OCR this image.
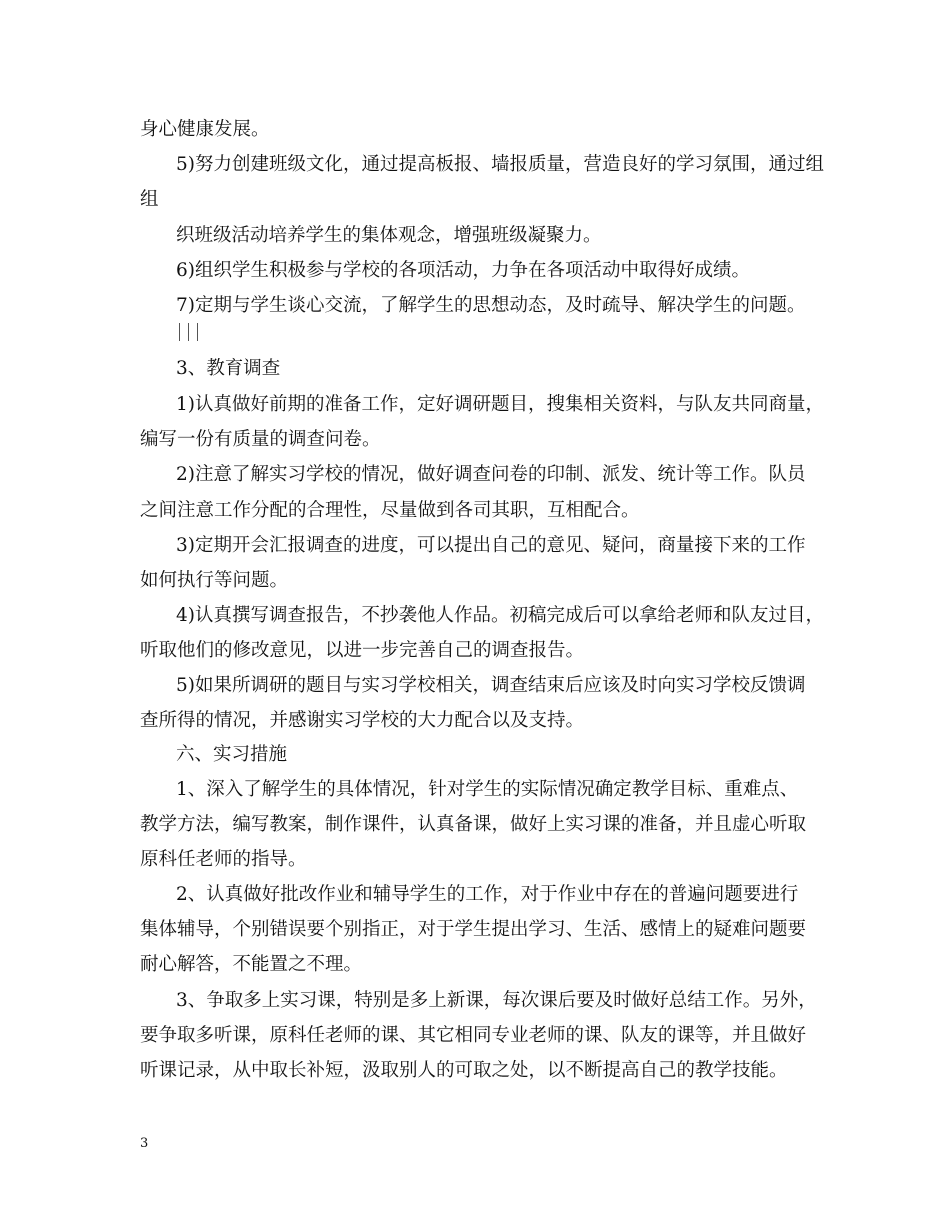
身心健康发展。
5)努力创建班级文化，通过提高板报、墙报质量，营造良好的学习氛围，通过组
组
织班级活动培养学生的集体观念，增强班级凝聚力。
6)组织学生积极参与学校的各项活动，力争在各项活动中取得好成绩。
7)定期与学生谈心交流，了解学生的思想动态，及时疏导、解决学生的问题。
3、教育调查
1)认真做好前期的准备工作，定好调研题目，搜集相关资料，与队友共同商量，
编写一份有质量的调查问卷。
2)注意了解实习学校的情况，做好调查问卷的印制、派发、统计等工作。队员
之间注意工作分配的合理性，尽量做到各司其职，互相配合。
3)定期开会汇报调查的进度，可以提出自己的意见、疑问，商量接下来的工作
如何执行等问题。
4)认真撰写调查报告，不抄袭他人作品。初稿完成后可以拿给老师和队友过目，
听取他们的修改意见，以进一步完善自己的调查报告。
5)如果所调研的题目与实习学校相关，调查结束后应该及时向实习学校反馈调
查所得的情况，并感谢实习学校的大力配合以及支持。
六、实习措施
1、深入了解学生的具体情况，针对学生的实际情况确定教学目标、重难点、
教学方法，编写教案，制作课件，认真备课，做好上实习课的准备，并且虚心听取
原科任老师的指导。
2、认真做好批改作业和辅导学生的工作，对于作业中存在的普遍问题要进行
集体辅导，个别错误要个别指正，对于学生提出学习、生活、感情上的疑难问题要
耐心解答，不能置之不理。
3、争取多上实习课，特别是多上新课，每次课后要及时做好总结工作。另外，
要争取多听课，原科任老师的课、其它相同专业老师的课、队友的课等，并且做好
听课记录，从中取长补短，汲取别人的可取之处，以不断提高自己的教学技能。
3
